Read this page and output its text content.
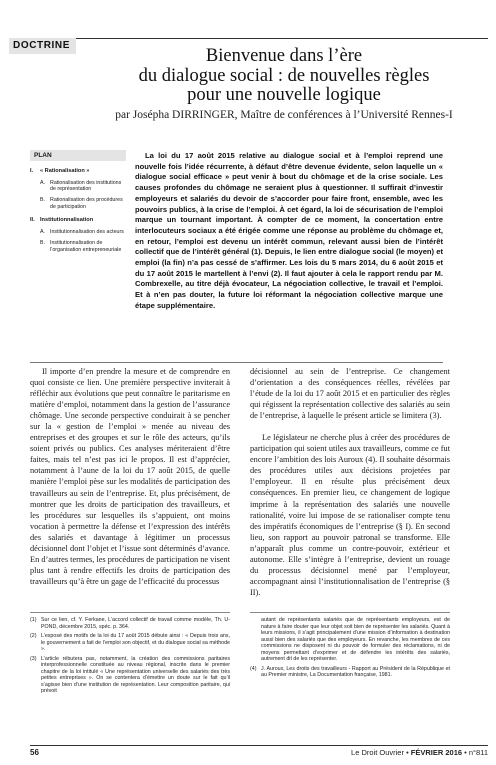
DOCTRINE
Bienvenue dans l’ère
du dialogue social : de nouvelles règles
pour une nouvelle logique
par Josépha DIRRINGER, Maître de conférences à l’Université Rennes-I
PLAN
I.	« Rationalisation »
A. Rationalisation des institutions de représentation
B. Rationalisation des procédures de participation
II. Institutionnalisation
A. Institutionnalisation des acteurs
B. Institutionnalisation de l’organisation entrepreneuriale

La loi du 17 août 2015 relative au dialogue social et à l’emploi reprend une nouvelle fois l’idée récurrente, à défaut d’être devenue évidente, selon laquelle un « dialogue social efficace » peut venir à bout du chômage et de la crise sociale. Les causes profondes du chômage ne seraient plus à questionner. Il suffirait d’investir employeurs et salariés du devoir de s’accorder pour faire front, ensemble, avec les pouvoirs publics, à la crise de l’emploi. À cet égard, la loi de sécurisation de l’emploi marque un tournant important. À compter de ce moment, la concertation entre interlocuteurs sociaux a été érigée comme une réponse au problème du chômage et, en retour, l’emploi est devenu un intérêt commun, relevant aussi bien de l’intérêt collectif que de l’intérêt général (1). Depuis, le lien entre dialogue social (le moyen) et emploi (la fin) n’a pas cessé de s’affirmer. Les lois du 5 mars 2014, du 6 août 2015 et du 17 août 2015 le martellent à l’envi (2). Il faut ajouter à cela le rapport rendu par M. Combrexelle, au titre déjà évocateur, La négociation collective, le travail et l’emploi. Et à n’en pas douter, la future loi réformant la négociation collective marque une étape supplémentaire.

Il importe d’en prendre la mesure et de comprendre en quoi consiste ce lien. Une première perspective inviterait à réfléchir aux évolutions que peut connaître le paritarisme en matière d’emploi, notamment dans la gestion de l’assurance chômage. Une seconde perspective conduirait à se pencher sur la « gestion de l’emploi » menée au niveau des entreprises et des groupes et sur le rôle des acteurs, qu’ils soient privés ou publics. Ces analyses mériteraient d’être faites, mais tel n’est pas ici le propos. Il est d’apprécier, notamment à l’aune de la loi du 17 août 2015, de quelle manière l’emploi pèse sur les modalités de participation des travailleurs au sein de l’entreprise. Et, plus précisément, de montrer que les droits de participation des travailleurs, et les procédures sur lesquelles ils s’appuient, ont moins vocation à permettre la défense et l’expression des intérêts des salariés et davantage à légitimer un processus décisionnel dont l’objet et l’issue sont déterminés d’avance. En d’autres termes, les procédures de participation ne visent plus tant à rendre effectifs les droits de participation des travailleurs qu’à être un gage de l’efficacité du processus

décisionnel au sein de l’entreprise. Ce changement d’orientation a des conséquences réelles, révélées par l’étude de la loi du 17 août 2015 et en particulier des règles qui régissent la représentation collective des salariés au sein de l’entreprise, à laquelle le présent article se limitera (3).

Le législateur ne cherche plus à créer des procédures de participation qui soient utiles aux travailleurs, comme ce fut encore l’ambition des lois Auroux (4). Il souhaite désormais des procédures utiles aux décisions projetées par l’employeur. Il en résulte plus précisément deux conséquences. En premier lieu, ce changement de logique imprime à la représentation des salariés une nouvelle rationalité, voire lui impose de se rationaliser compte tenu des impératifs économiques de l’entreprise (§ I). En second lieu, son rapport au pouvoir patronal se transforme. Elle n’apparaît plus comme un contre-pouvoir, extérieur et autonome. Elle s’intègre à l’entreprise, devient un rouage du processus décisionnel mené par l’employeur, accompagnant ainsi l’institutionnalisation de l’entreprise (§ II).

(1) Sur ce lien, cf. Y. Ferkane, L’accord collectif de travail comme modèle, Th. U-POND, décembre 2015, spéc. p. 364.
(2) L’exposé des motifs de la loi du 17 août 2015 débute ainsi : « Depuis trois ans, le gouvernement a fait de l’emploi son objectif, et du dialogue social sa méthode ».
(3) L’article rébutera pas, notamment, la création des commissions paritaires interprofessionnelle constituée au niveau régional, inscrite dans le premier chapitre de la loi intitulé « Une représentation universelle des salariés des très petites entreprises ». On se contentera d’émettre un doute sur le fait qu’il s’agisse bien d’une institution de représentation. Leur composition paritaire, qui prévoit
autant de représentants salariés que de représentants employeurs, est de nature à faire douter que leur objet soit bien de représenter les salariés. Quant à leurs missions, il s’agit principalement d’une mission d’information à destination aussi bien des salariés que des employeurs. En revanche, les membres de ces commissions ne disposent ni du pouvoir de formuler des réclamations, ni de moyens permettant d’exprimer et de défendre les intérêts des salariés, autrement dit de les représenter.
(4) J. Auroux, Les droits des travailleurs - Rapport au Président de la République et au Premier ministre, La Documentation française, 1981.
56	Le Droit Ouvrier • FÉVRIER 2016 • n°811
